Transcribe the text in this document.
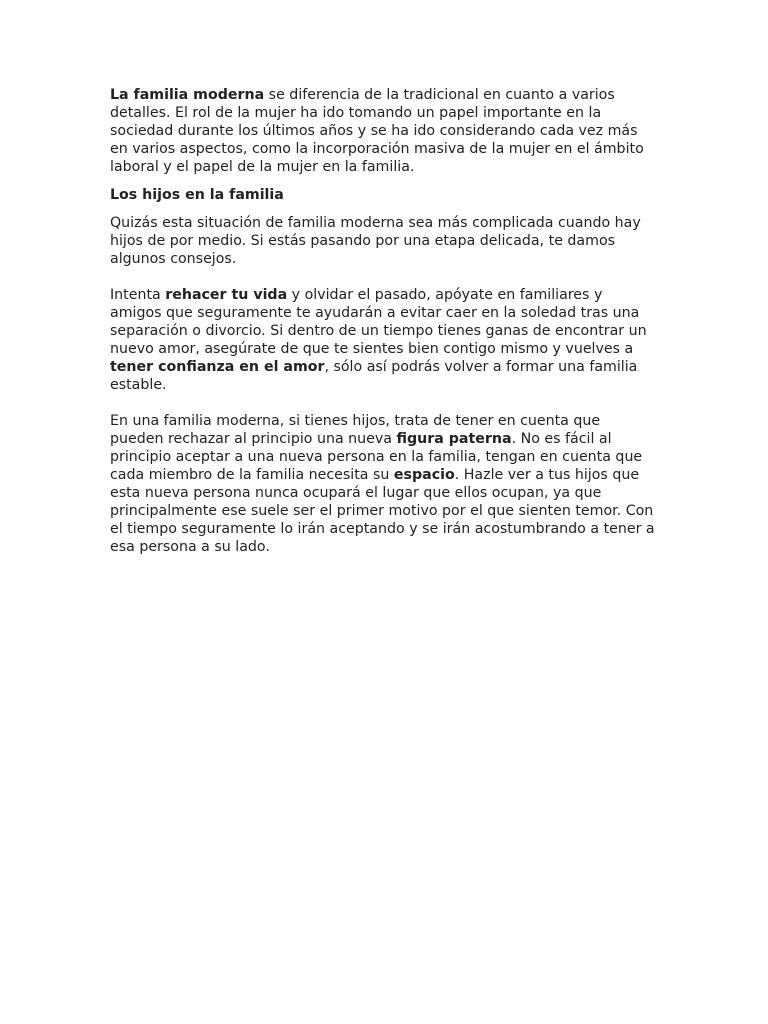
La familia moderna se diferencia de la tradicional en cuanto a varios detalles. El rol de la mujer ha ido tomando un papel importante en la sociedad durante los últimos años y se ha ido considerando cada vez más en varios aspectos, como la incorporación masiva de la mujer en el ámbito laboral y el papel de la mujer en la familia.

Los hijos en la familia

Quizás esta situación de familia moderna sea más complicada cuando hay hijos de por medio. Si estás pasando por una etapa delicada, te damos algunos consejos.

Intenta rehacer tu vida y olvidar el pasado, apóyate en familiares y amigos que seguramente te ayudarán a evitar caer en la soledad tras una separación o divorcio. Si dentro de un tiempo tienes ganas de encontrar un nuevo amor, asegúrate de que te sientes bien contigo mismo y vuelves a tener confianza en el amor, sólo así podrás volver a formar una familia estable.

En una familia moderna, si tienes hijos, trata de tener en cuenta que pueden rechazar al principio una nueva figura paterna. No es fácil al principio aceptar a una nueva persona en la familia, tengan en cuenta que cada miembro de la familia necesita su espacio. Hazle ver a tus hijos que esta nueva persona nunca ocupará el lugar que ellos ocupan, ya que principalmente ese suele ser el primer motivo por el que sienten temor. Con el tiempo seguramente lo irán aceptando y se irán acostumbrando a tener a esa persona a su lado.
